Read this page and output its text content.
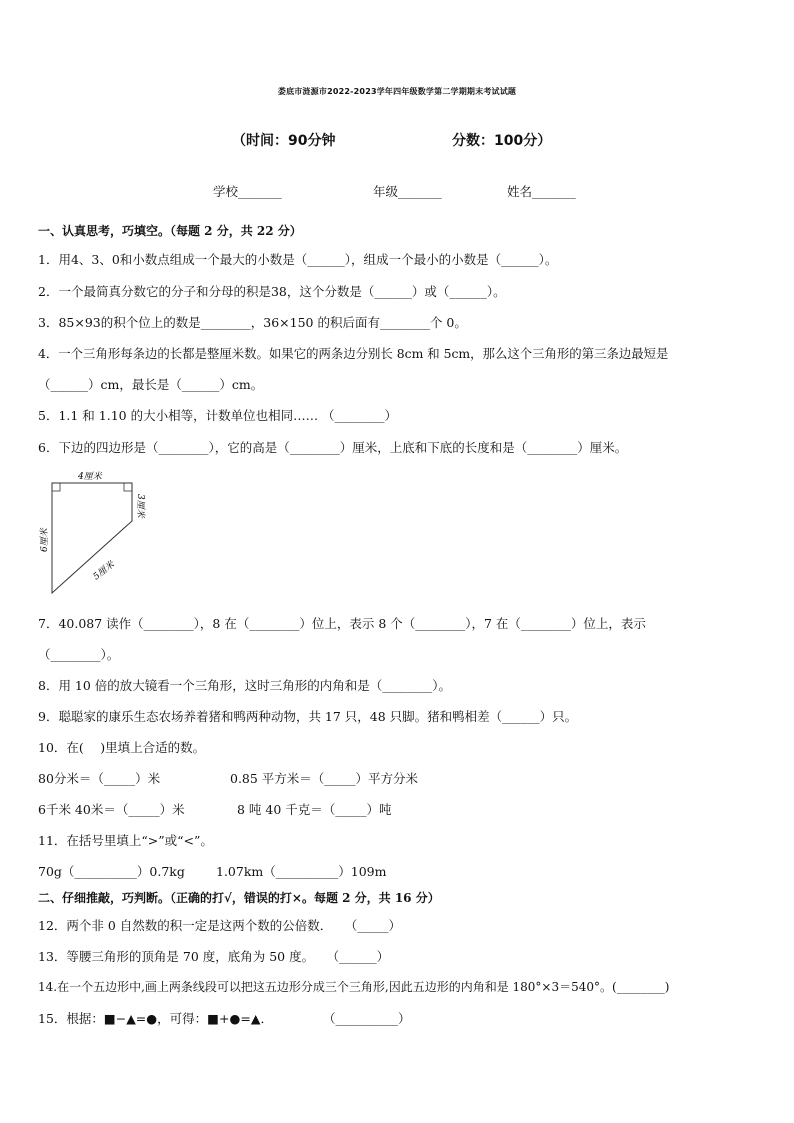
娄底市涟源市2022-2023学年四年级数学第二学期期末考试试题
（时间：90分钟	分数：100分）
学校_______	年级_______	姓名_______
一、认真思考，巧填空。（每题 2 分，共 22 分）
1．用4、3、0和小数点组成一个最大的小数是（______），组成一个最小的小数是（______）。
2．一个最简真分数它的分子和分母的积是38，这个分数是（______）或（______）。
3．85×93的积个位上的数是________，36×150 的积后面有________个 0。
4．一个三角形每条边的长都是整厘米数。如果它的两条边分别长 8cm 和 5cm，那么这个三角形的第三条边最短是
（______）cm，最长是（______）cm。
5．1.1 和 1.10 的大小相等，计数单位也相同…… （________）
6．下边的四边形是（________），它的高是（________）厘米，上底和下底的长度和是（________）厘米。
4厘米
3厘米
6厘米
5厘米
7．40.087 读作（________），8 在（________）位上，表示 8 个（________），7 在（________）位上，表示
（________）。
8．用 10 倍的放大镜看一个三角形，这时三角形的内角和是（________）。
9．聪聪家的康乐生态农场养着猪和鸭两种动物，共 17 只，48 只脚。猪和鸭相差（______）只。
10．在(　 )里填上合适的数。
80分米＝（_____）米	0.85 平方米＝（_____）平方分米
6千米 40米＝（_____）米	8 吨 40 千克＝（_____）吨
11．在括号里填上“>”或“<”。
70g（__________）0.7kg 1.07km（__________）109m
二、仔细推敲，巧判断。（正确的打√，错误的打×。每题 2 分，共 16 分）
12．两个非 0 自然数的积一定是这两个数的公倍数．　　（_____）
13．等腰三角形的顶角是 70 度，底角为 50 度。　　（______）
14.在一个五边形中,画上两条线段可以把这五边形分成三个三角形,因此五边形的内角和是 180°×3＝540°。(________)
15．根据：■−▲=●，可得：■+●=▲．　　　　　（__________）
